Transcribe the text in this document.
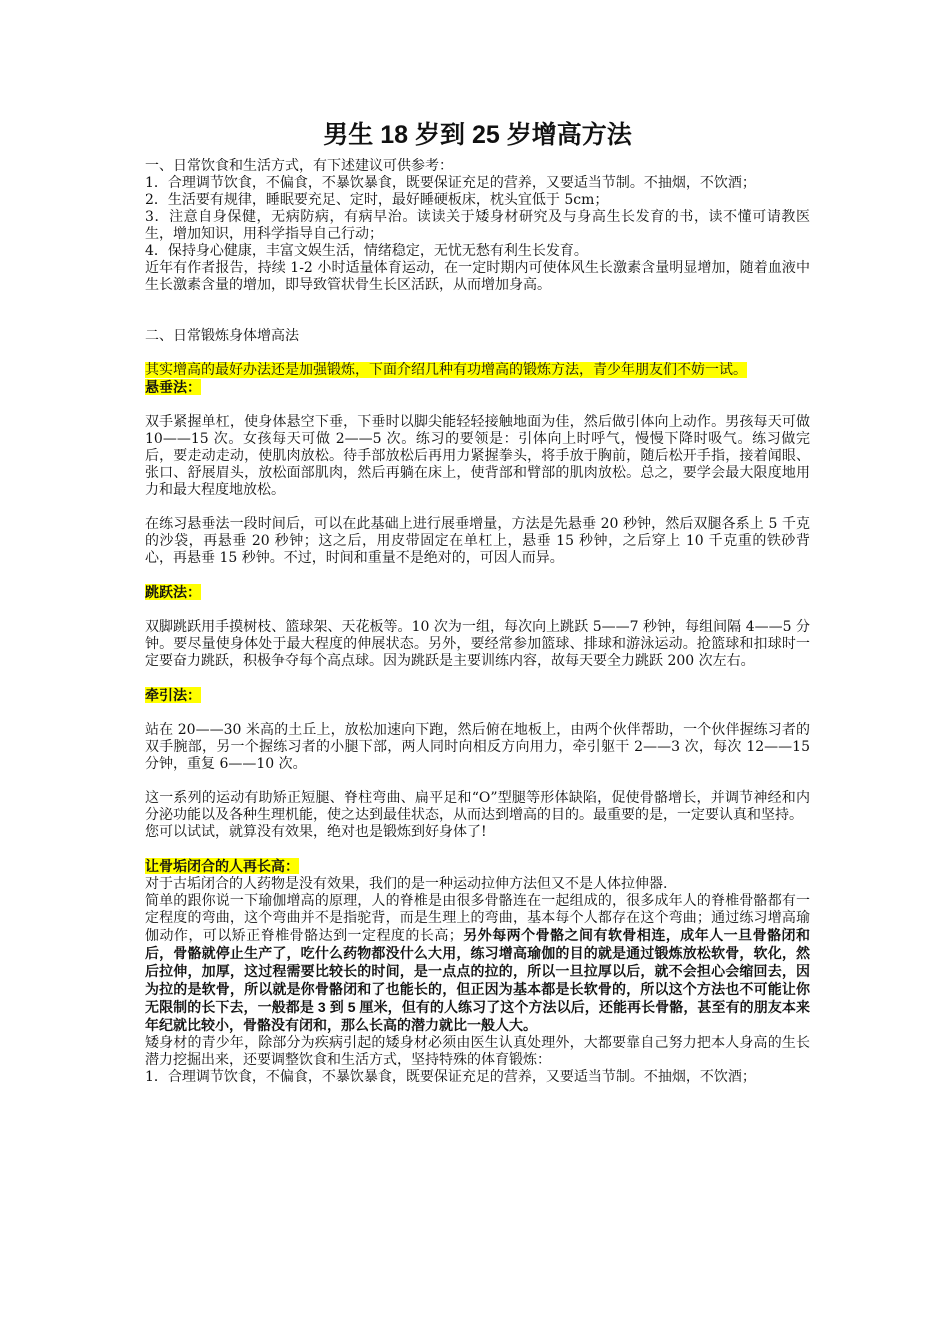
男生 18 岁到 25 岁增高方法

一、日常饮食和生活方式，有下述建议可供参考：

1．合理调节饮食，不偏食，不暴饮暴食，既要保证充足的营养，又要适当节制。不抽烟，不饮酒；

2．生活要有规律，睡眠要充足、定时，最好睡硬板床，枕头宜低于 5cm；

3．注意自身保健，无病防病，有病早治。读读关于矮身材研究及与身高生长发育的书，读不懂可请教医生，增加知识，用科学指导自己行动；

4．保持身心健康，丰富文娱生活，情绪稳定，无忧无愁有利生长发育。

近年有作者报告，持续 1-2 小时适量体育运动，在一定时期内可使体风生长激素含量明显增加，随着血液中生长激素含量的增加，即导致管状骨生长区活跃，从而增加身高。

二、日常锻炼身体增高法

其实增高的最好办法还是加强锻炼，下面介绍几种有功增高的锻炼方法，青少年朋友们不妨一试。

悬垂法：

双手紧握单杠，使身体悬空下垂，下垂时以脚尖能轻轻接触地面为佳，然后做引体向上动作。男孩每天可做 10——15 次。女孩每天可做 2——5 次。练习的要领是：引体向上时呼气，慢慢下降时吸气。练习做完后，要走动走动，使肌肉放松。待手部放松后再用力紧握拳头，将手放于胸前，随后松开手指，接着闻眼、张口、舒展眉头，放松面部肌肉，然后再躺在床上，使背部和臂部的肌肉放松。总之，要学会最大限度地用力和最大程度地放松。

在练习悬垂法一段时间后，可以在此基础上进行展垂增量，方法是先悬垂 20 秒钟，然后双腿各系上 5 千克的沙袋，再悬垂 20 秒钟；这之后，用皮带固定在单杠上，悬垂 15 秒钟，之后穿上 10 千克重的铁砂背心，再悬垂 15 秒钟。不过，时间和重量不是绝对的，可因人而异。

跳跃法：

双脚跳跃用手摸树枝、篮球架、天花板等。10 次为一组，每次向上跳跃 5——7 秒钟，每组间隔 4——5 分钟。要尽量使身体处于最大程度的伸展状态。另外，要经常参加篮球、排球和游泳运动。抢篮球和扣球时一定要奋力跳跃，积极争夺每个高点球。因为跳跃是主要训练内容，故每天要全力跳跃 200 次左右。

牵引法：

站在 20——30 米高的土丘上，放松加速向下跑，然后俯在地板上，由两个伙伴帮助，一个伙伴握练习者的双手腕部，另一个握练习者的小腿下部，两人同时向相反方向用力，牵引躯干 2——3 次，每次 12——15 分钟，重复 6——10 次。

这一系列的运动有助矫正短腿、脊柱弯曲、扁平足和“O”型腿等形体缺陷，促使骨骼增长，并调节神经和内分泌功能以及各种生理机能，使之达到最佳状态，从而达到增高的目的。最重要的是，一定要认真和坚持。

您可以试试，就算没有效果，绝对也是锻炼到好身体了!

让骨垢闭合的人再长高：

对于古垢闭合的人药物是没有效果，我们的是一种运动拉伸方法但又不是人体拉伸器.

简单的跟你说一下瑜伽增高的原理，人的脊椎是由很多骨骼连在一起组成的，很多成年人的脊椎骨骼都有一定程度的弯曲，这个弯曲并不是指驼背，而是生理上的弯曲，基本每个人都存在这个弯曲；通过练习增高瑜伽动作，可以矫正脊椎骨骼达到一定程度的长高；另外每两个骨骼之间有软骨相连，成年人一旦骨骼闭和后，骨骼就停止生产了，吃什么药物都没什么大用，练习增高瑜伽的目的就是通过锻炼放松软骨，软化，然后拉伸，加厚，这过程需要比较长的时间，是一点点的拉的，所以一旦拉厚以后，就不会担心会缩回去，因为拉的是软骨，所以就是你骨骼闭和了也能长的，但正因为基本都是长软骨的，所以这个方法也不可能让你无限制的长下去，一般都是 3 到 5 厘米，但有的人练习了这个方法以后，还能再长骨骼，甚至有的朋友本来年纪就比较小，骨骼没有闭和，那么长高的潜力就比一般人大。

矮身材的青少年，除部分为疾病引起的矮身材必须由医生认真处理外，大都要靠自己努力把本人身高的生长潜力挖掘出来，还要调整饮食和生活方式，坚持特殊的体育锻炼：

1．合理调节饮食，不偏食，不暴饮暴食，既要保证充足的营养，又要适当节制。不抽烟，不饮酒；
